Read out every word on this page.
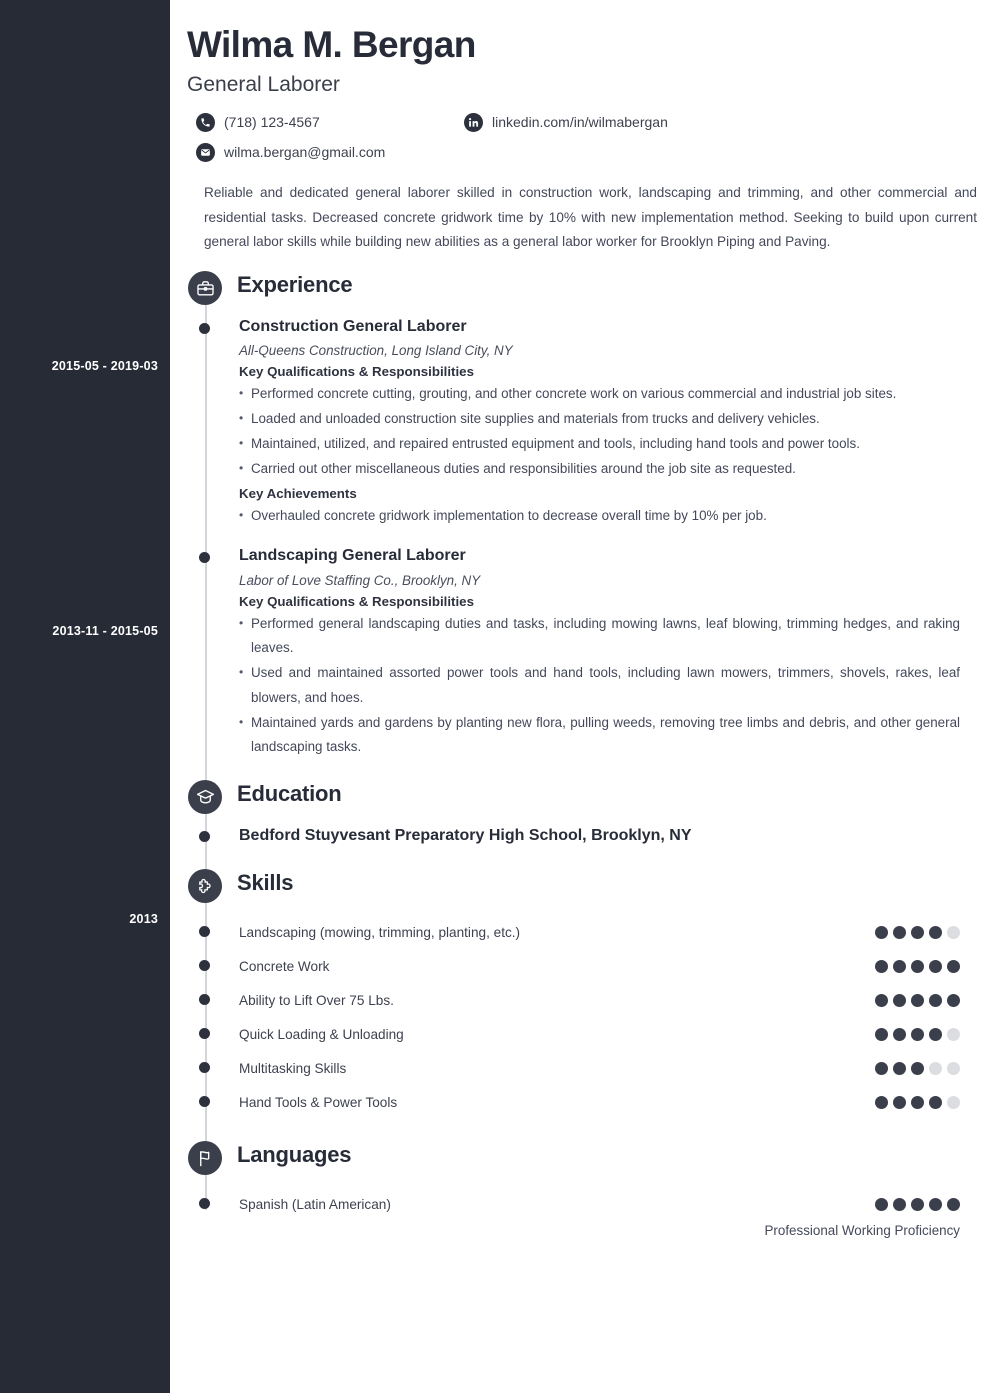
2015-05 - 2019-03
2013-11 - 2015-05
2013
Wilma M. Bergan
General Laborer
(718) 123-4567
wilma.bergan@gmail.com
linkedin.com/in/wilmabergan
Reliable and dedicated general laborer skilled in construction work, landscaping and trimming, and other commercial and residential tasks. Decreased concrete gridwork time by 10% with new implementation method. Seeking to build upon current general labor skills while building new abilities as a general labor worker for Brooklyn Piping and Paving.
Experience
Construction General Laborer
All-Queens Construction, Long Island City, NY
Key Qualifications & Responsibilities
• Performed concrete cutting, grouting, and other concrete work on various commercial and industrial job sites.
• Loaded and unloaded construction site supplies and materials from trucks and delivery vehicles.
• Maintained, utilized, and repaired entrusted equipment and tools, including hand tools and power tools.
• Carried out other miscellaneous duties and responsibilities around the job site as requested.
Key Achievements
• Overhauled concrete gridwork implementation to decrease overall time by 10% per job.
Landscaping General Laborer
Labor of Love Staffing Co., Brooklyn, NY
Key Qualifications & Responsibilities
• Performed general landscaping duties and tasks, including mowing lawns, leaf blowing, trimming hedges, and raking leaves.
• Used and maintained assorted power tools and hand tools, including lawn mowers, trimmers, shovels, rakes, leaf blowers, and hoes.
• Maintained yards and gardens by planting new flora, pulling weeds, removing tree limbs and debris, and other general landscaping tasks.
Education
Bedford Stuyvesant Preparatory High School, Brooklyn, NY
Skills
Landscaping (mowing, trimming, planting, etc.)
Concrete Work
Ability to Lift Over 75 Lbs.
Quick Loading & Unloading
Multitasking Skills
Hand Tools & Power Tools
Languages
Spanish (Latin American)
Professional Working Proficiency
